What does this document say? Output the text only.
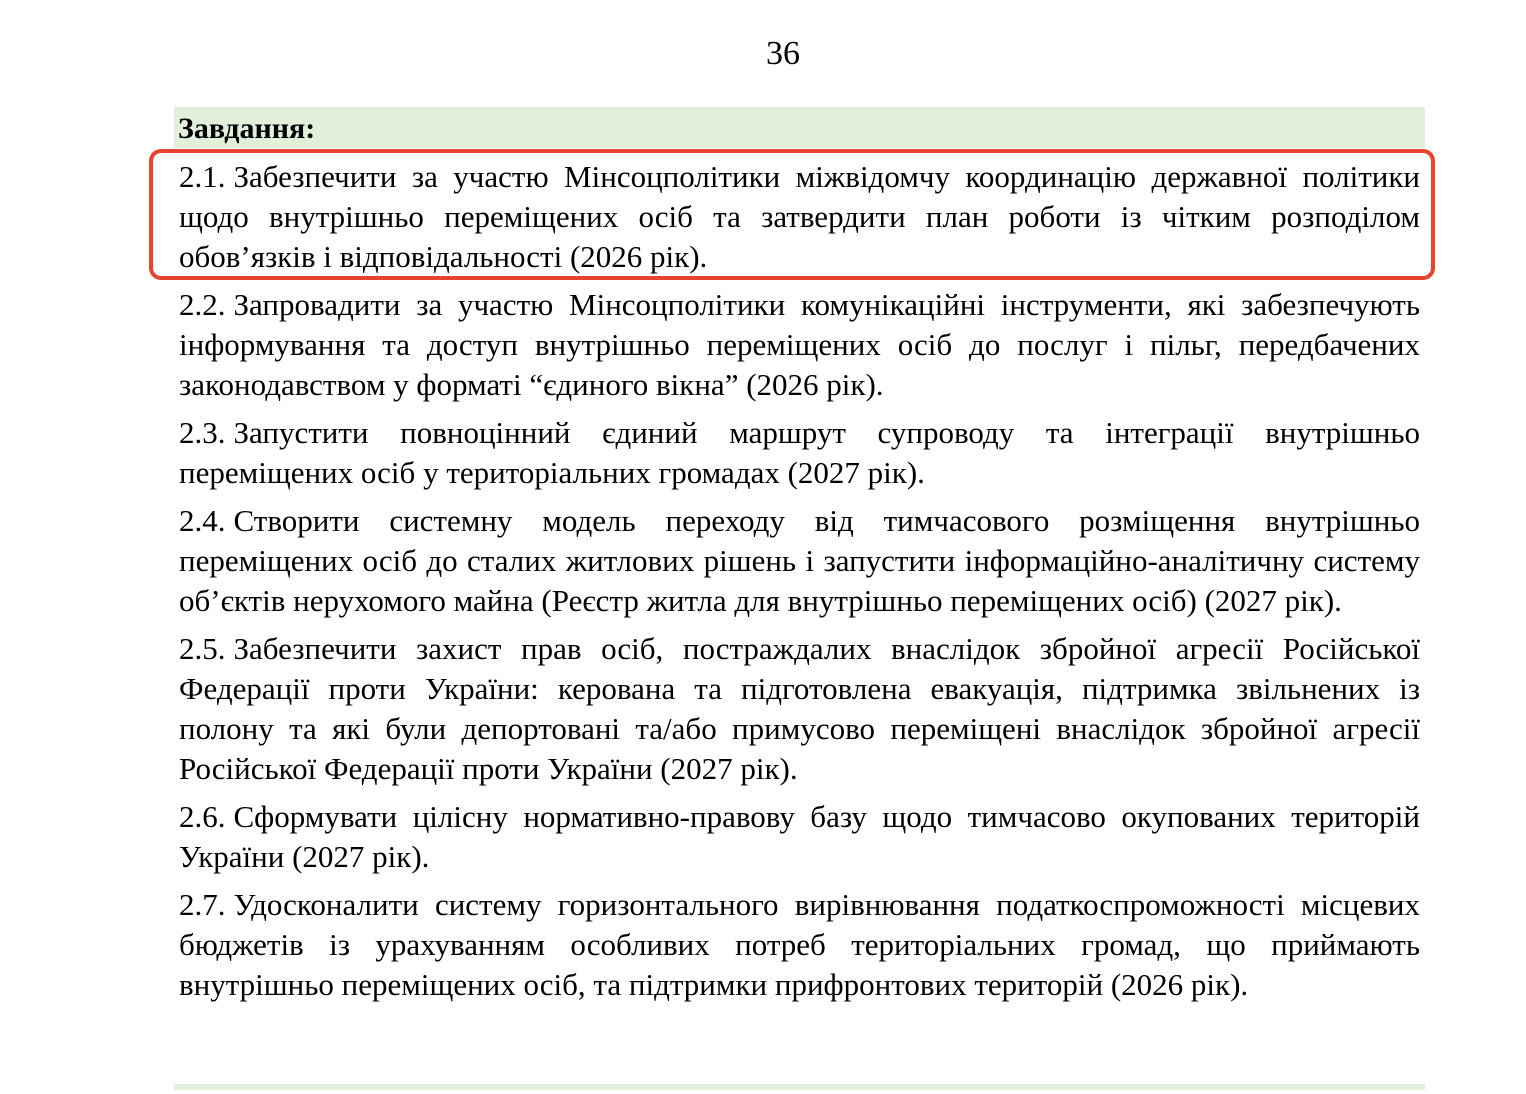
36
Завдання:

2.1. Забезпечити за участю Мінсоцполітики міжвідомчу координацію державної політики щодо внутрішньо переміщених осіб та затвердити план роботи із чітким розподілом обов’язків і відповідальності (2026 рік).

2.2. Запровадити за участю Мінсоцполітики комунікаційні інструменти, які забезпечують інформування та доступ внутрішньо переміщених осіб до послуг і пільг, передбачених законодавством у форматі “єдиного вікна” (2026 рік).

2.3. Запустити повноцінний єдиний маршрут супроводу та інтеграції внутрішньо переміщених осіб у територіальних громадах (2027 рік).

2.4. Створити системну модель переходу від тимчасового розміщення внутрішньо переміщених осіб до сталих житлових рішень і запустити інформаційно-аналітичну систему об’єктів нерухомого майна (Реєстр житла для внутрішньо переміщених осіб) (2027 рік).

2.5. Забезпечити захист прав осіб, постраждалих внаслідок збройної агресії Російської Федерації проти України: керована та підготовлена евакуація, підтримка звільнених із полону та які були депортовані та/або примусово переміщені внаслідок збройної агресії Російської Федерації проти України (2027 рік).

2.6. Сформувати цілісну нормативно-правову базу щодо тимчасово окупованих територій України (2027 рік).

2.7. Удосконалити систему горизонтального вирівнювання податкоспроможності місцевих бюджетів із урахуванням особливих потреб територіальних громад, що приймають внутрішньо переміщених осіб, та підтримки прифронтових територій (2026 рік).
